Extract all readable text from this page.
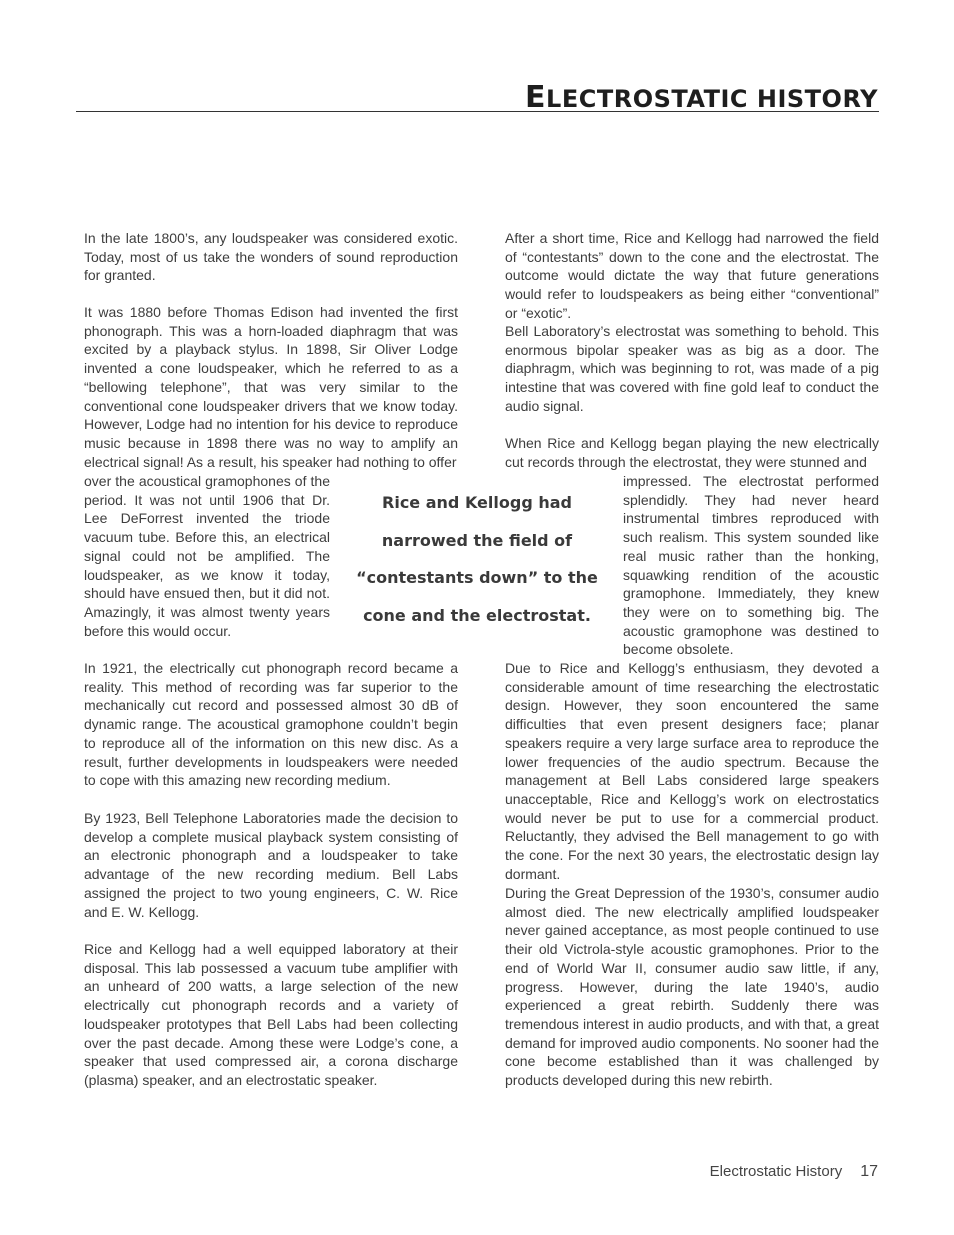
ELECTROSTATIC HISTORY

In the late 1800’s, any loudspeaker was considered exotic. Today, most of us take the wonders of sound reproduction for granted.

It was 1880 before Thomas Edison had invented the first phonograph. This was a horn-loaded diaphragm that was excited by a playback stylus. In 1898, Sir Oliver Lodge invented a cone loudspeaker, which he referred to as a “bellowing telephone”, that was very similar to the conventional cone loudspeaker drivers that we know today. However, Lodge had no intention for his device to reproduce music because in 1898 there was no way to amplify an electrical signal! As a result, his speaker had nothing to offer

over the acoustical gramophones of the period. It was not until 1906 that Dr. Lee DeForrest invented the triode vacuum tube. Before this, an electrical signal could not be amplified. The loudspeaker, as we know it today, should have ensued then, but it did not. Amazingly, it was almost twenty years before this would occur.

In 1921, the electrically cut phonograph record became a reality. This method of recording was far superior to the mechanically cut record and possessed almost 30 dB of dynamic range. The acoustical gramophone couldn’t begin to reproduce all of the information on this new disc. As a result, further developments in loudspeakers were needed to cope with this amazing new recording medium.

By 1923, Bell Telephone Laboratories made the decision to develop a complete musical playback system consisting of an electronic phonograph and a loudspeaker to take advantage of the new recording medium. Bell Labs assigned the project to two young engineers, C. W. Rice and E. W. Kellogg.

Rice and Kellogg had a well equipped laboratory at their disposal. This lab possessed a vacuum tube amplifier with an unheard of 200 watts, a large selection of the new electrically cut phonograph records and a variety of loudspeaker prototypes that Bell Labs had been collecting over the past decade. Among these were Lodge’s cone, a speaker that used compressed air, a corona discharge (plasma) speaker, and an electrostatic speaker.

Rice and Kellogg had narrowed the field of “contestants down” to the cone and the electrostat.

After a short time, Rice and Kellogg had narrowed the field of “contestants” down to the cone and the electrostat. The outcome would dictate the way that future generations would refer to loudspeakers as being either “conventional” or “exotic”.

Bell Laboratory’s electrostat was something to behold. This enormous bipolar speaker was as big as a door. The diaphragm, which was beginning to rot, was made of a pig intestine that was covered with fine gold leaf to conduct the audio signal.

When Rice and Kellogg began playing the new electrically cut records through the electrostat, they were stunned and

impressed. The electrostat performed splendidly. They had never heard instrumental timbres reproduced with such realism. This system sounded like real music rather than the honking, squawking rendition of the acoustic gramophone. Immediately, they knew they were on to something big. The acoustic gramophone was destined to become obsolete.

Due to Rice and Kellogg’s enthusiasm, they devoted a considerable amount of time researching the electrostatic design. However, they soon encountered the same difficulties that even present designers face; planar speakers require a very large surface area to reproduce the lower frequencies of the audio spectrum. Because the management at Bell Labs considered large speakers unacceptable, Rice and Kellogg’s work on electrostatics would never be put to use for a commercial product. Reluctantly, they advised the Bell management to go with the cone. For the next 30 years, the electrostatic design lay dormant.

During the Great Depression of the 1930’s, consumer audio almost died. The new electrically amplified loudspeaker never gained acceptance, as most people continued to use their old Victrola-style acoustic gramophones. Prior to the end of World War II, consumer audio saw little, if any, progress. However, during the late 1940’s, audio experienced a great rebirth. Suddenly there was tremendous interest in audio products, and with that, a great demand for improved audio components. No sooner had the cone become established than it was challenged by products developed during this new rebirth.

Electrostatic History 17
